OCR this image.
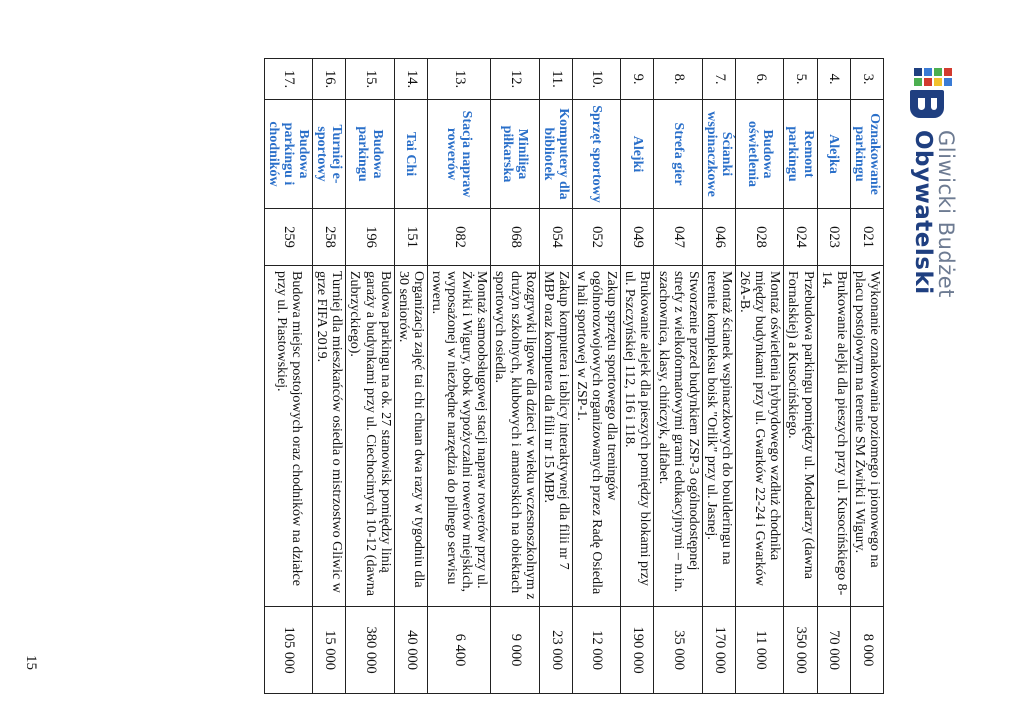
Gliwicki Budżet
Obywatelski
3.	Oznakowanie parkingu	021	Wykonanie oznakowania poziomego i pionowego na placu postojowym na terenie SM Żwirki i Wigury.	8 000
4.	Alejka	023	Brukowanie alejki dla pieszych przy ul. Kusocińskiego 8-14.	70 000
5.	Remont parkingu	024	Przebudowa parkingu pomiędzy ul. Modelarzy (dawna Fornalskiej) a Kusocińskiego.	350 000
6.	Budowa oświetlenia	028	Montaż oświetlenia hybrydowego wzdłuż chodnika między budynkami przy ul. Gwarków 22-24 i Gwarków 26A-B.	11 000
7.	Ścianki wspinaczkowe	046	Montaż ścianek wspinaczkowych do boulderingu na terenie kompleksu boisk "Orlik" przy ul. Jasnej.	170 000
8.	Strefa gier	047	Stworzenie przed budynkiem ZSP-3 ogólnodostępnej strefy z wielkoformatowymi grami edukacyjnymi – m.in. szachownica, klasy, chińczyk, alfabet.	35 000
9.	Alejki	049	Brukowanie alejek dla pieszych pomiędzy blokami przy ul. Pszczyńskiej 112, 116 i 118.	190 000
10.	Sprzęt sportowy	052	Zakup sprzętu sportowego dla treningów ogólnorozwojowych organizowanych przez Radę Osiedla w hali sportowej w ZSP-1.	12 000
11.	Komputery dla bibliotek	054	Zakup komputera i tablicy interaktywnej dla filii nr 7 MBP oraz komputera dla filii nr 15 MBP.	23 000
12.	Miniliga piłkarska	068	Rozgrywki ligowe dla dzieci w wieku wczesnoszkolnym z drużyn szkolnych, klubowych i amatorskich na obiektach sportowych osiedla.	9 000
13.	Stacja napraw rowerów	082	Montaż samoobsługowej stacji napraw rowerów przy ul. Żwirki i Wigury, obok wypożyczalni rowerów miejskich, wyposażonej w niezbędne narzędzia do pilnego serwisu roweru.	6 400
14.	Tai Chi	151	Organizacja zajęć tai chi chuan dwa razy w tygodniu dla 30 seniorów.	40 000
15.	Budowa parkingu	196	Budowa parkingu na ok. 27 stanowisk pomiędzy linią garaży a budynkami przy ul. Ciechocimych 10-12 (dawna Zubrzyckiego).	380 000
16.	Turniej e-sportowy	258	Turniej dla mieszkańców osiedla o mistrzostwo Gliwic w grze FIFA 2019.	15 000
17.	Budowa parkingu i chodników	259	Budowa miejsc postojowych oraz chodników na działce przy ul. Piastowskiej.	105 000
15
